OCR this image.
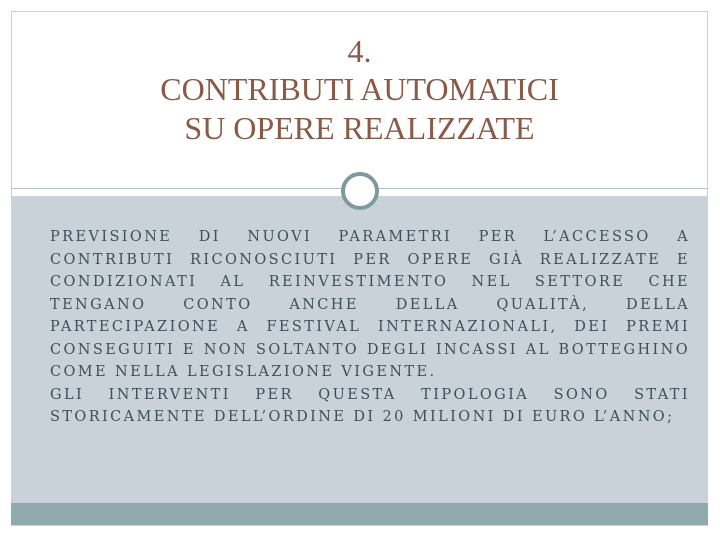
4.
CONTRIBUTI AUTOMATICI
SU OPERE REALIZZATE

PREVISIONE DI NUOVI PARAMETRI PER L’ACCESSO A CONTRIBUTI RICONOSCIUTI PER OPERE GIÀ REALIZZATE E CONDIZIONATI AL REINVESTIMENTO NEL SETTORE CHE TENGANO CONTO ANCHE DELLA QUALITÀ, DELLA PARTECIPAZIONE A FESTIVAL INTERNAZIONALI, DEI PREMI CONSEGUITI E NON SOLTANTO DEGLI INCASSI AL BOTTEGHINO COME NELLA LEGISLAZIONE VIGENTE.

GLI INTERVENTI PER QUESTA TIPOLOGIA SONO STATI STORICAMENTE DELL’ORDINE DI 20 MILIONI DI EURO L’ANNO;
